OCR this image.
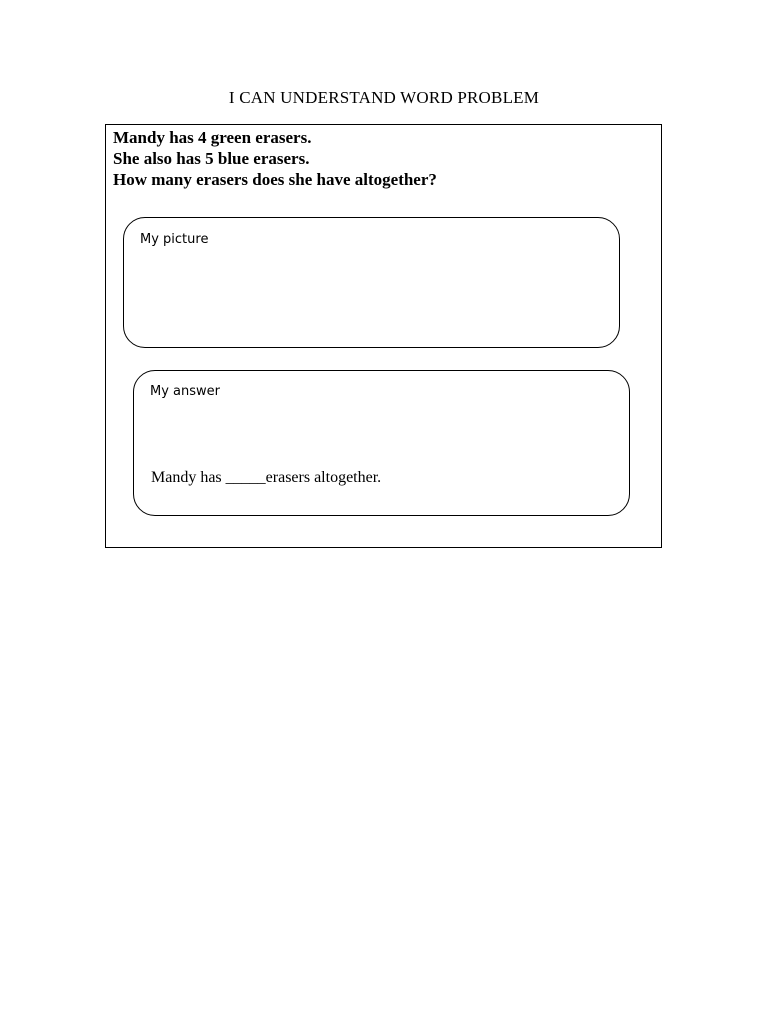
I CAN UNDERSTAND WORD PROBLEM
Mandy has 4 green erasers.
She also has 5 blue erasers.
How many erasers does she have altogether?
My picture
My answer
Mandy has _____erasers altogether.
